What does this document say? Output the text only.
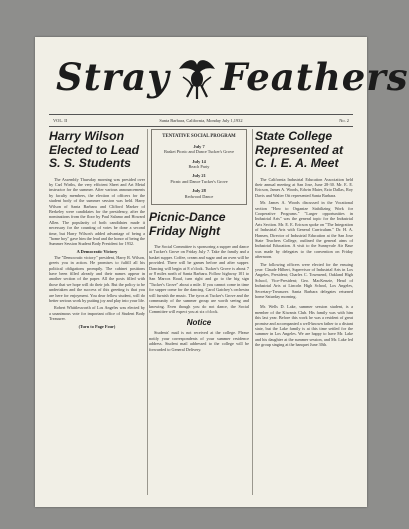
Stray Feathers
Santa Barbara, California, Monday July 1,1932
VOL. II	No. 2
Harry Wilson Elected to Lead S. S. Students

The Assembly Thursday morning was presided over by Carl Wirths, the very efficient Sheet and Art Metal instructor for the summer. After various announcements by faculty members, the election of officers for the student body of the summer session was held. Harry Wilson of Santa Barbara and Clifford Marker of Berkeley were candidates for the presidency, after the nominations from the floor by Paul Salamo and Howard Allen. The popularity of both candidates made it necessary for the counting of votes be done a second time, but Harry Wilson's added advantage of being a "home boy" gave him the lead and the honor of being the Summer Session Student Body President for 1932.

A Democratic Victory

The "Democratic victory" president, Harry R. Wilson, greets you in action. He promises to fulfill all his political obligations promptly. The cabinet positions have been filled already and their names appear in another section of the paper. All the posts filled with those that we hope will do their job. But the policy to be undertaken and the success of this greeting is that you are here for enjoyment. You dear fellow student, will do better serious work by putting joy and play into your life.

Robert Whittlesworth of Los Angeles was elected by a unanimous vote for important office of Student Body Treasurer.

(Turn to Page Four)
TENTATIVE SOCIAL PROGRAM
July 7
Basket Picnic and Dance Tucker's Grove
July 14
Beach Party
July 21
Picnic and Dance Tucker's Grove
July 28
Redwood Dance
Picnic-Dance Friday Night

The Social Committee is sponsoring a supper and dance at Tucker's Grove on Friday July 7. Take the family and a basket supper. Coffee, cream and sugar and an oven will be provided. There will be games before and after supper. Dancing will begin at 8 o'clock. Tucker's Grove is about 7 or 8 miles north of Santa Barbara. Follow highway 101 to San Marcos Road, turn right and go to the big sign "Tucker's Grove" about a mile. If you cannot come in time for supper come for the dancing. Carol Gatchey's orchestra will furnish the music. The tyros at Tucker's Grove and the community of the summer group are worth seeing and knowing. Even though you do not dance, the Social Committee will expect you at six o'clock.

Notice

Students' mail is not received at the college. Please notify your correspondents of your summer residence address. Student mail addressed to the college will be forwarded to General Delivery.

State College Represented at C. I. E. A. Meet

The California Industrial Education Association held their annual meeting at San Jose, June 28-30. Mr. E. E. Ericson, James A. Woods, Edwin Maier, Ezio Dallas, Roy Davis and Walter Ott represented Santa Barbara.

Mr. James A. Woods discussed in the Vocational section "How to Organize Stabilizing Work for Cooperative Programs." "Larger opportunities in Industrial Arts" was the general topic for the Industrial Arts Section. Mr. E. E. Ericson spoke on "The Integration of Industrial Arts with General Curriculum." Dr. H. A. Hansen, Director of Industrial Education at the San Jose State Teachers College, outlined the general aims of Industrial Education. A visit to the Sunnyvale Air Base was made by delegates to the convention on Friday afternoon.

The following officers were elected for the ensuing year: Claude Hilbert, Supervisor of Industrial Arts in Los Angeles, President; Charles C. Townsend, Oakland High School, Vice-President; Geo. MacKenzie, Head of Industrial Arts at Lincoln High School, Los Angeles, Secretary-Treasurer. Santa Barbara delegates returned home Saturday morning.

Mr. Wells D. Lake, summer session student, is a member of the Kiwanis Club. His family was with him this last year. Before this work he was a resident of great promise and accompanied a well-known father to a distant state, but the Lake family is at this time settled for the summer in Los Angeles. We are happy to have Mr. Lake and his daughter at the summer session, and Mr. Lake led the group singing at the banquet June 30th.
